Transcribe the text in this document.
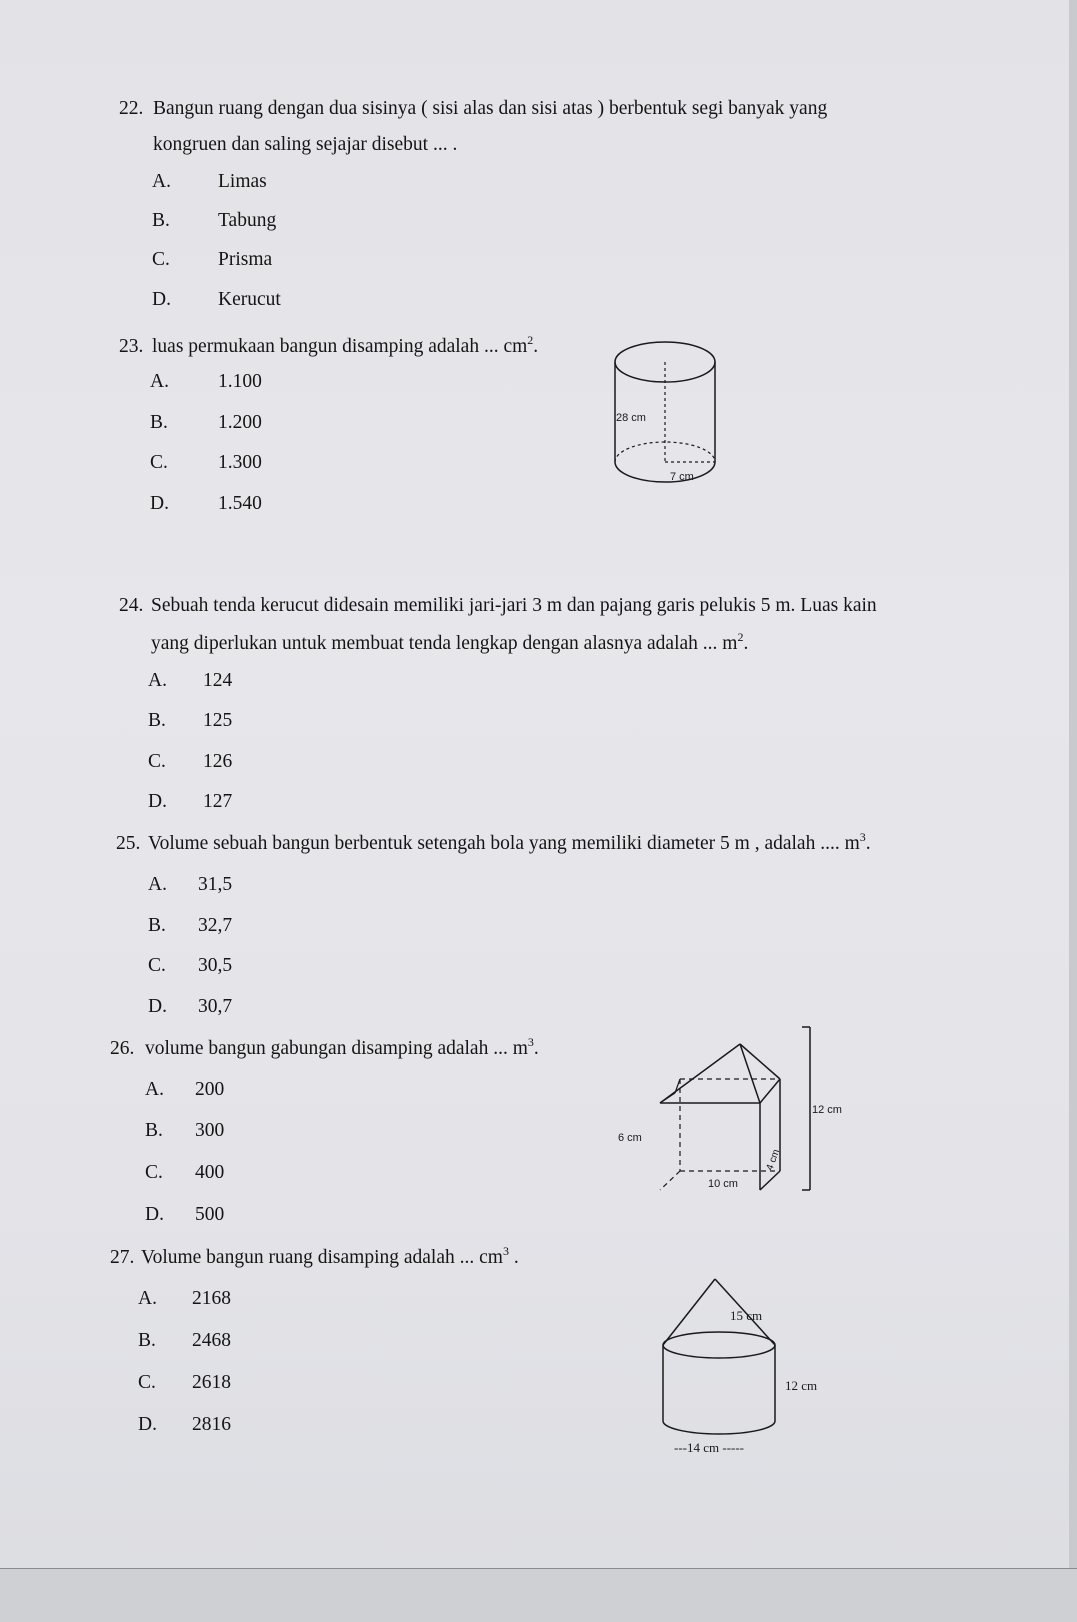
22. Bangun ruang dengan dua sisinya ( sisi alas dan sisi atas ) berbentuk segi banyak yang
kongruen dan saling sejajar disebut ... .
A. Limas
B. Tabung
C. Prisma
D. Kerucut
23. luas permukaan bangun disamping adalah ... $cm^2$.
A.	1.100
B.	1.200
C.	1.300
D.	1.540
28 cm
7 cm
24. Sebuah tenda kerucut didesain memiliki jari-jari 3 m dan pajang garis pelukis 5 m. Luas kain
yang diperlukan untuk membuat tenda lengkap dengan alasnya adalah ... $m^2$.
A. 124
B. 125
C. 126
D. 127
25. Volume sebuah bangun berbentuk setengah bola yang memiliki diameter 5 m , adalah .... $m^3$.
A. 31,5
B. 32,7
C. 30,5
D. 30,7
26. volume bangun gabungan disamping adalah ... $m^3$.
A. 200
B. 300
C. 400
D. 500
12 cm
6 cm
10 cm
4 cm
27. Volume bangun ruang disamping adalah ... $cm^3$ .
A. 2168
B. 2468
C. 2618
D. 2816
15 cm
12 cm
---14 cm -----
